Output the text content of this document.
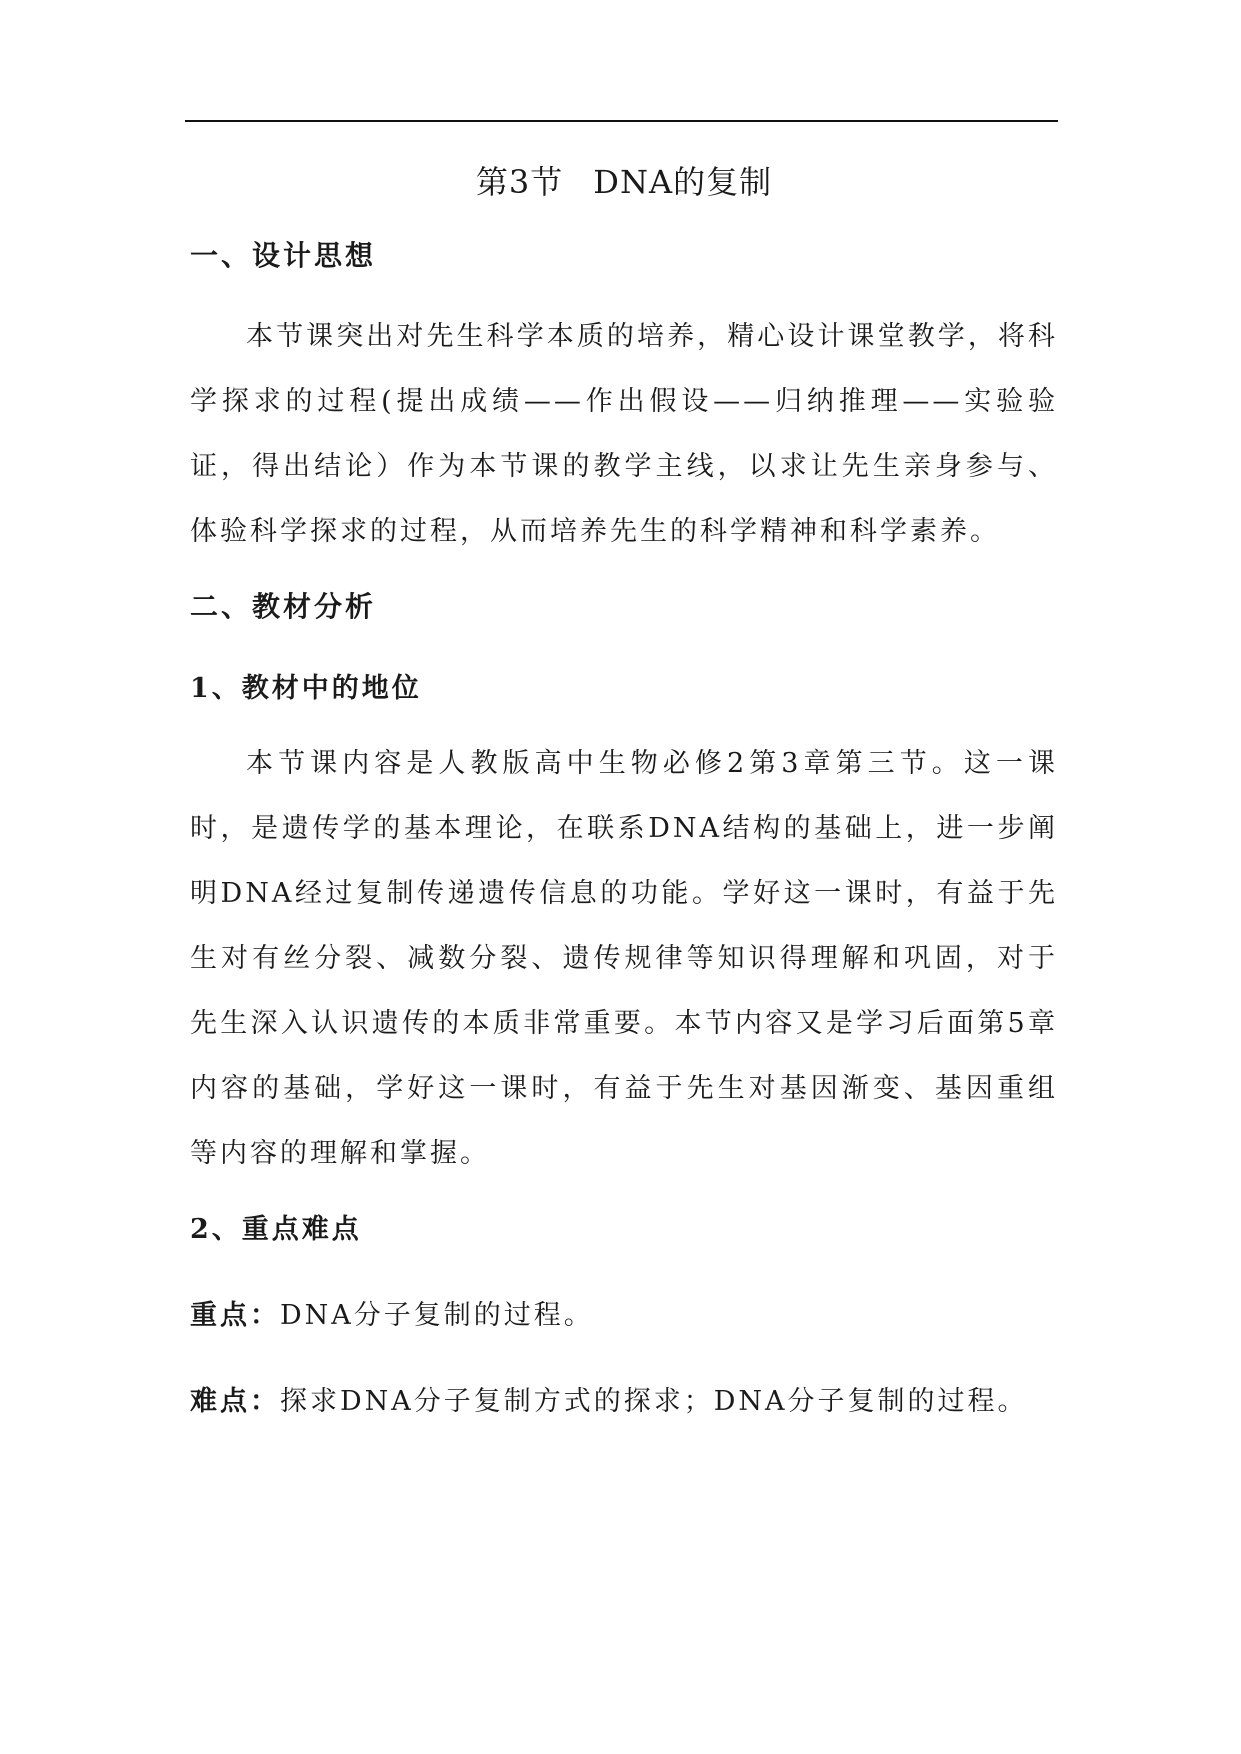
第3节 DNA的复制
一、设计思想

本节课突出对先生科学本质的培养，精心设计课堂教学，将科学探求的过程(提出成绩——作出假设——归纳推理——实验验证，得出结论）作为本节课的教学主线，以求让先生亲身参与、体验科学探求的过程，从而培养先生的科学精神和科学素养。

二、教材分析
1、教材中的地位

本节课内容是人教版高中生物必修2第3章第三节。这一课时，是遗传学的基本理论，在联系DNA结构的基础上，进一步阐明DNA经过复制传递遗传信息的功能。学好这一课时，有益于先生对有丝分裂、减数分裂、遗传规律等知识得理解和巩固，对于先生深入认识遗传的本质非常重要。本节内容又是学习后面第5章内容的基础，学好这一课时，有益于先生对基因渐变、基因重组等内容的理解和掌握。

2、重点难点

重点：DNA分子复制的过程。

难点：探求DNA分子复制方式的探求；DNA分子复制的过程。
